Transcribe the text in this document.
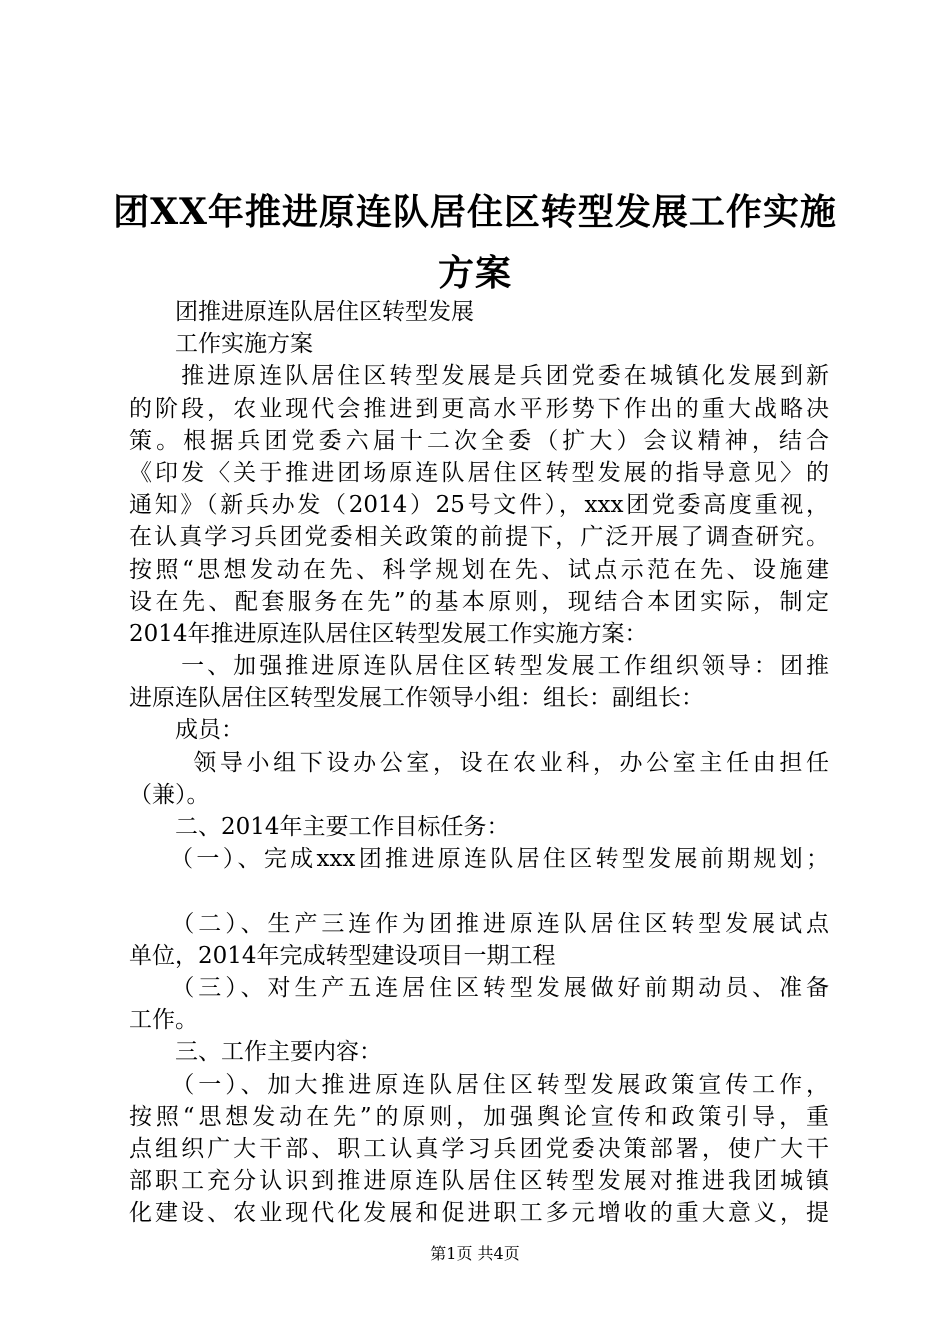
团XX年推进原连队居住区转型发展工作实施
方案
　　团推进原连队居住区转型发展
　　工作实施方案
　　推进原连队居住区转型发展是兵团党委在城镇化发展到新
的阶段，农业现代会推进到更高水平形势下作出的重大战略决
策。根据兵团党委六届十二次全委（扩大）会议精神，结合
《印发〈关于推进团场原连队居住区转型发展的指导意见〉的
通知》（新兵办发（2014）25号文件），xxx团党委高度重视，
在认真学习兵团党委相关政策的前提下，广泛开展了调查研究。
按照“思想发动在先、科学规划在先、试点示范在先、设施建
设在先、配套服务在先”的基本原则，现结合本团实际，制定
2014年推进原连队居住区转型发展工作实施方案：
　　一、加强推进原连队居住区转型发展工作组织领导：团推
进原连队居住区转型发展工作领导小组：组长：副组长：
　　成员：
　　 领导小组下设办公室，设在农业科，办公室主任由担任
（兼）。
　　二、2014年主要工作目标任务：
　　（一）、完成xxx团推进原连队居住区转型发展前期规划；
　　（二）、生产三连作为团推进原连队居住区转型发展试点
单位，2014年完成转型建设项目一期工程
　　（三）、对生产五连居住区转型发展做好前期动员、准备
工作。
　　三、工作主要内容：
　　（一）、加大推进原连队居住区转型发展政策宣传工作，
按照“思想发动在先”的原则，加强舆论宣传和政策引导，重
点组织广大干部、职工认真学习兵团党委决策部署，使广大干
部职工充分认识到推进原连队居住区转型发展对推进我团城镇
化建设、农业现代化发展和促进职工多元增收的重大意义，提
第1页 共4页
